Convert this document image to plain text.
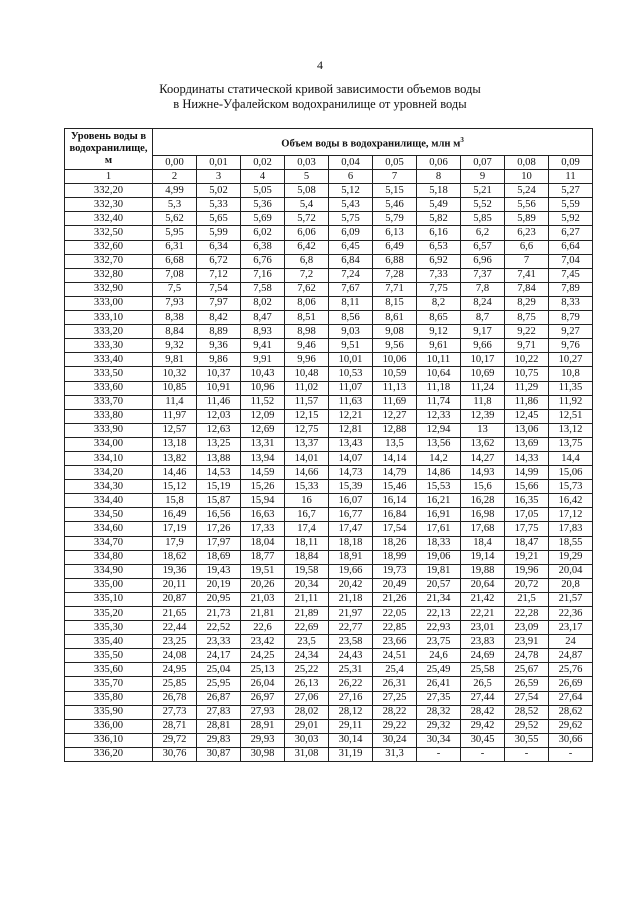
4
Координаты статической кривой зависимости объемов воды
в Нижне-Уфалейском водохранилище от уровней воды
Уровень воды в водохранилище, м	Объем воды в водохранилище, млн $м^3$
	0,00	0,01	0,02	0,03	0,04	0,05	0,06	0,07	0,08	0,09
1	2	3	4	5	6	7	8	9	10	11
332,20	4,99	5,02	5,05	5,08	5,12	5,15	5,18	5,21	5,24	5,27
332,30	5,3	5,33	5,36	5,4	5,43	5,46	5,49	5,52	5,56	5,59
332,40	5,62	5,65	5,69	5,72	5,75	5,79	5,82	5,85	5,89	5,92
332,50	5,95	5,99	6,02	6,06	6,09	6,13	6,16	6,2	6,23	6,27
332,60	6,31	6,34	6,38	6,42	6,45	6,49	6,53	6,57	6,6	6,64
332,70	6,68	6,72	6,76	6,8	6,84	6,88	6,92	6,96	7	7,04
332,80	7,08	7,12	7,16	7,2	7,24	7,28	7,33	7,37	7,41	7,45
332,90	7,5	7,54	7,58	7,62	7,67	7,71	7,75	7,8	7,84	7,89
333,00	7,93	7,97	8,02	8,06	8,11	8,15	8,2	8,24	8,29	8,33
333,10	8,38	8,42	8,47	8,51	8,56	8,61	8,65	8,7	8,75	8,79
333,20	8,84	8,89	8,93	8,98	9,03	9,08	9,12	9,17	9,22	9,27
333,30	9,32	9,36	9,41	9,46	9,51	9,56	9,61	9,66	9,71	9,76
333,40	9,81	9,86	9,91	9,96	10,01	10,06	10,11	10,17	10,22	10,27
333,50	10,32	10,37	10,43	10,48	10,53	10,59	10,64	10,69	10,75	10,8
333,60	10,85	10,91	10,96	11,02	11,07	11,13	11,18	11,24	11,29	11,35
333,70	11,4	11,46	11,52	11,57	11,63	11,69	11,74	11,8	11,86	11,92
333,80	11,97	12,03	12,09	12,15	12,21	12,27	12,33	12,39	12,45	12,51
333,90	12,57	12,63	12,69	12,75	12,81	12,88	12,94	13	13,06	13,12
334,00	13,18	13,25	13,31	13,37	13,43	13,5	13,56	13,62	13,69	13,75
334,10	13,82	13,88	13,94	14,01	14,07	14,14	14,2	14,27	14,33	14,4
334,20	14,46	14,53	14,59	14,66	14,73	14,79	14,86	14,93	14,99	15,06
334,30	15,12	15,19	15,26	15,33	15,39	15,46	15,53	15,6	15,66	15,73
334,40	15,8	15,87	15,94	16	16,07	16,14	16,21	16,28	16,35	16,42
334,50	16,49	16,56	16,63	16,7	16,77	16,84	16,91	16,98	17,05	17,12
334,60	17,19	17,26	17,33	17,4	17,47	17,54	17,61	17,68	17,75	17,83
334,70	17,9	17,97	18,04	18,11	18,18	18,26	18,33	18,4	18,47	18,55
334,80	18,62	18,69	18,77	18,84	18,91	18,99	19,06	19,14	19,21	19,29
334,90	19,36	19,43	19,51	19,58	19,66	19,73	19,81	19,88	19,96	20,04
335,00	20,11	20,19	20,26	20,34	20,42	20,49	20,57	20,64	20,72	20,8
335,10	20,87	20,95	21,03	21,11	21,18	21,26	21,34	21,42	21,5	21,57
335,20	21,65	21,73	21,81	21,89	21,97	22,05	22,13	22,21	22,28	22,36
335,30	22,44	22,52	22,6	22,69	22,77	22,85	22,93	23,01	23,09	23,17
335,40	23,25	23,33	23,42	23,5	23,58	23,66	23,75	23,83	23,91	24
335,50	24,08	24,17	24,25	24,34	24,43	24,51	24,6	24,69	24,78	24,87
335,60	24,95	25,04	25,13	25,22	25,31	25,4	25,49	25,58	25,67	25,76
335,70	25,85	25,95	26,04	26,13	26,22	26,31	26,41	26,5	26,59	26,69
335,80	26,78	26,87	26,97	27,06	27,16	27,25	27,35	27,44	27,54	27,64
335,90	27,73	27,83	27,93	28,02	28,12	28,22	28,32	28,42	28,52	28,62
336,00	28,71	28,81	28,91	29,01	29,11	29,22	29,32	29,42	29,52	29,62
336,10	29,72	29,83	29,93	30,03	30,14	30,24	30,34	30,45	30,55	30,66
336,20	30,76	30,87	30,98	31,08	31,19	31,3	-	-	-	-
